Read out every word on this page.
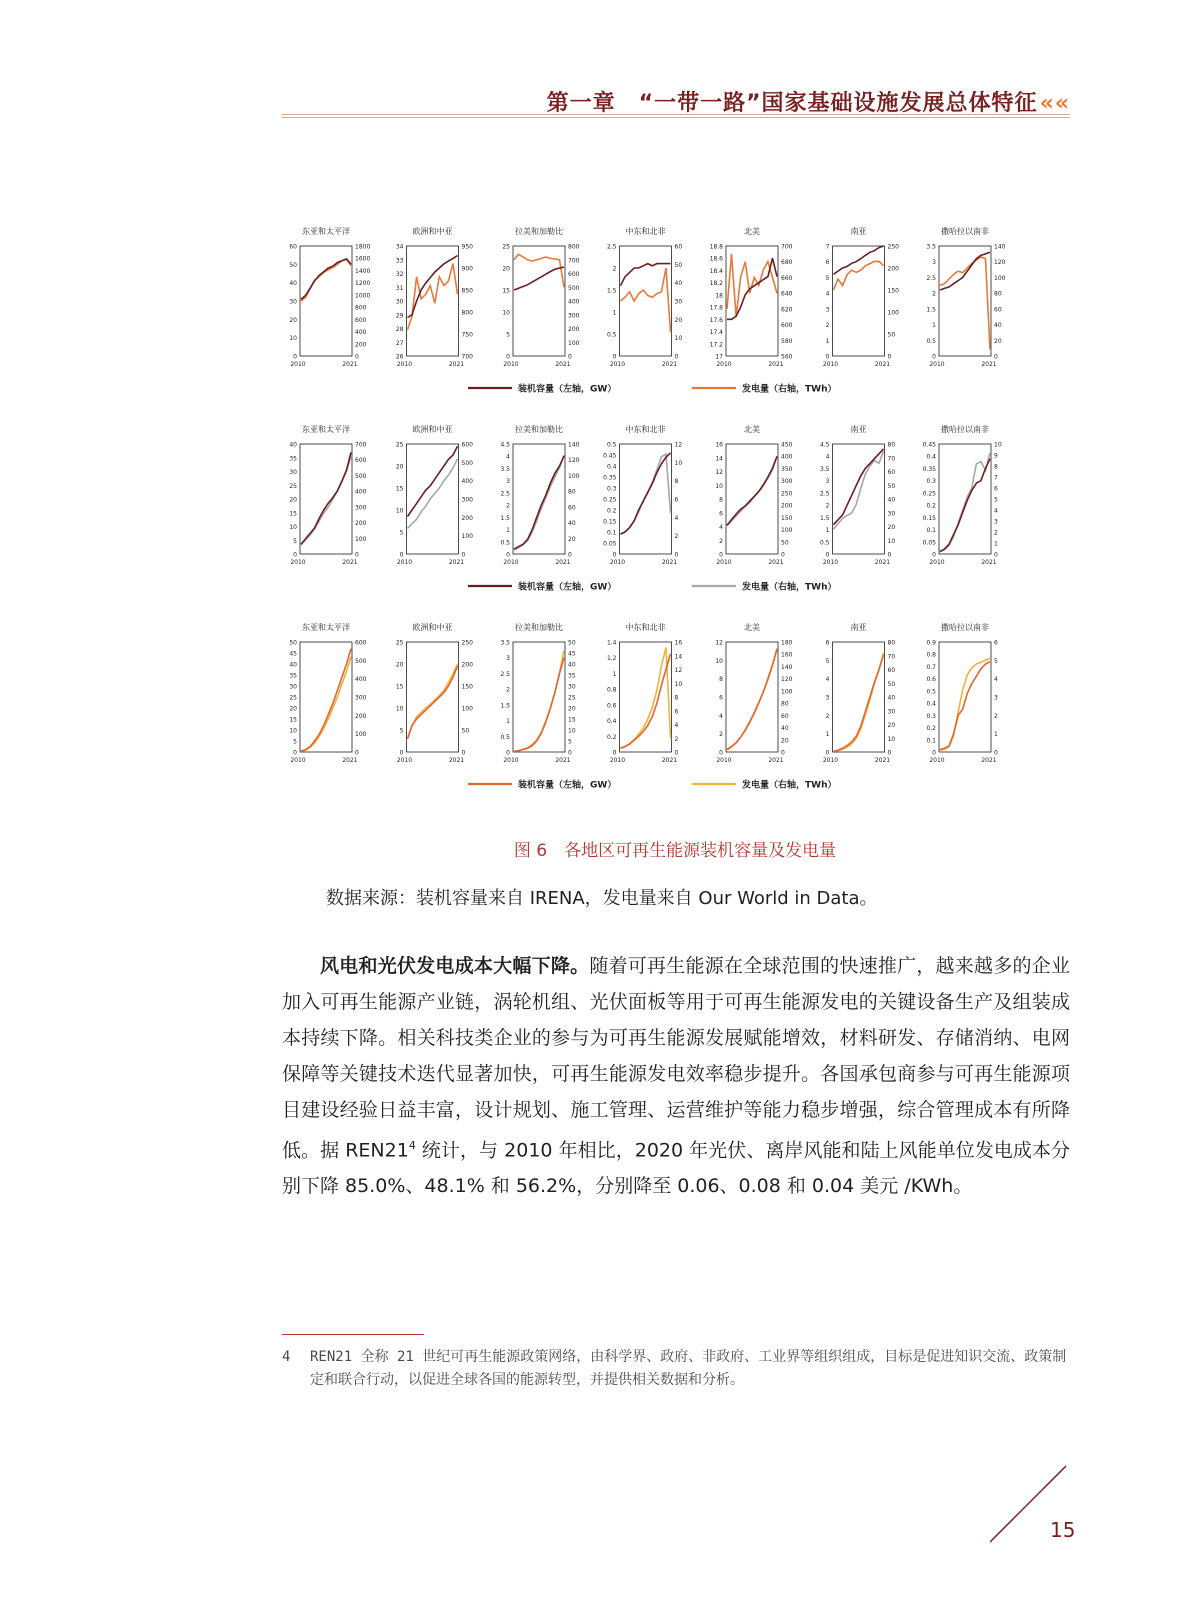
第一章　“一带一路”国家基础设施发展总体特征««
东亚和太平洋
0
10
20
30
40
50
60
0
200
400
600
800
1000
1200
1400
1600
1800
2010	2021
欧洲和中亚
26
27
28
29
30
31
32
33
34
700
750
800
850
900
950
2010	2021
拉美和加勒比
0
5
10
15
20
25
0
100
200
300
400
500
600
700
800
2010	2021
中东和北非
0
0.5
1
1.5
2
2.5
0
10
20
30
40
50
60
2010	2021
北美
17
17.2
17.4
17.6
17.8
18
18.2
18.4
18.6
18.8
560
580
600
620
640
660
680
700
2010	2021
南亚
0
1
2
3
4
5
6
7
0
50
100
150
200
250
2010	2021
撒哈拉以南非
0
0.5
1
1.5
2
2.5
3
3.5
0
20
40
60
80
100
120
140
2010	2021
装机容量（左轴，GW）	发电量（右轴，TWh）
东亚和太平洋
0
5
10
15
20
25
30
35
40
0
100
200
300
400
500
600
700
2010	2021
欧洲和中亚
0
5
10
15
20
25
0
100
200
300
400
500
600
2010	2021
拉美和加勒比
0
0.5
1
1.5
2
2.5
3
3.5
4
4.5
0
20
40
60
80
100
120
140
2010	2021
中东和北非
0
0.05
0.1
0.15
0.2
0.25
0.3
0.35
0.4
0.45
0.5
0
2
4
6
8
10
12
2010	2021
北美
0
2
4
6
8
10
12
14
16
0
50
100
150
200
250
300
350
400
450
2010	2021
南亚
0
0.5
1
1.5
2
2.5
3
3.5
4
4.5
0
10
20
30
40
50
60
70
80
2010	2021
撒哈拉以南非
0
0.05
0.1
0.15
0.2
0.25
0.3
0.35
0.4
0.45
0
1
2
3
4
5
6
7
8
9
10
2010	2021
装机容量（左轴，GW）	发电量（右轴，TWh）
东亚和太平洋
0
5
10
15
20
25
30
35
40
45
50
0
100
200
300
400
500
600
2010	2021
欧洲和中亚
0
5
10
15
20
25
0
50
100
150
200
250
2010	2021
拉美和加勒比
0
0.5
1
1.5
2
2.5
3
3.5
0
5
10
15
20
25
30
35
40
45
50
2010	2021
中东和北非
0
0.2
0.4
0.6
0.8
1
1.2
1.4
0
2
4
6
8
10
12
14
16
2010	2021
北美
0
2
4
6
8
10
12
0
20
40
60
80
100
120
140
160
180
2010	2021
南亚
0
1
2
3
4
5
6
0
10
20
30
40
50
60
70
80
2010	2021
撒哈拉以南非
0
0.1
0.2
0.3
0.4
0.5
0.6
0.7
0.8
0.9
0
1
2
3
4
5
6
2010	2021
装机容量（左轴，GW）	发电量（右轴，TWh）
图 6　各地区可再生能源装机容量及发电量
数据来源：装机容量来自 IRENA，发电量来自 Our World in Data。

风电和光伏发电成本大幅下降。随着可再生能源在全球范围的快速推广，越来越多的企业加入可再生能源产业链，涡轮机组、光伏面板等用于可再生能源发电的关键设备生产及组装成本持续下降。相关科技类企业的参与为可再生能源发展赋能增效，材料研发、存储消纳、电网保障等关键技术迭代显著加快，可再生能源发电效率稳步提升。各国承包商参与可再生能源项目建设经验日益丰富，设计规划、施工管理、运营维护等能力稳步增强，综合管理成本有所降低。据 $REN21^4$ 统计，与 2010 年相比，2020 年光伏、离岸风能和陆上风能单位发电成本分别下降 85.0%、48.1% 和 56.2%，分别降至 0.06、0.08 和 0.04 美元 /KWh。

4 REN21 全称 21 世纪可再生能源政策网络，由科学界、政府、非政府、工业界等组织组成，目标是促进知识交流、政策制定和联合行动，以促进全球各国的能源转型，并提供相关数据和分析。
15
